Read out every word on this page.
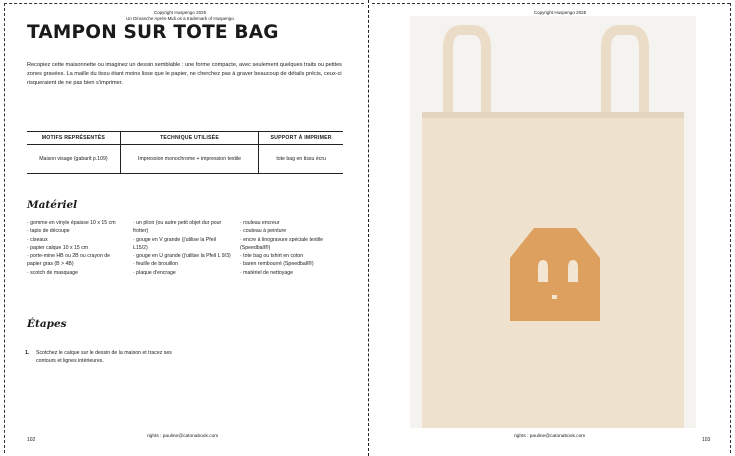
Copyright Huspengo 2025
Un Dimanche Après-Midi os a trademark of Huspengo
TAMPON SUR TOTE BAG
Recopiez cette maisonnette ou imaginez un dessin semblable : une forme compacte, avec seulement quelques traits ou petites zones gravées. La maille du tissu étant moins lisse que le papier, ne cherchez pas à graver beaucoup de détails précis, ceux-ci risqueraient de ne pas bien s'imprimer.
MOTIFS REPRÉSENTÉS	TECHNIQUE UTILISÉE	SUPPORT À IMPRIMER
Maison visage (gabarit p.109)	Impression monochrome + impression textile	tote bag en tissu écru
Matériel
· gomme en vinyle épaisse 10 x 15 cm
· tapis de découpe
· ciseaux
· papier calque 10 x 15 cm
· porte-mine HB ou 2B ou crayon de papier gras (B > 4B)
· scotch de masquage
· un plioir (ou autre petit objet dur pour frotter)
· gouge en V grande (j'utilise la Pfeil L15/2)
· gouge en U grande (j'utilise la Pfeil L 9/3)
· feuille de brouillon
· plaque d'encrage
· rouleau encreur
· couteau à peinture
· encre à linogravure spéciale textile (Speedball®)
· tote bag ou tshirt en coton
· baren rembourré (Speedball®)
· matériel de nettoyage
Étapes
1. Scotchez le calque sur le dessin de la maison et tracez ses contours et lignes intérieures.
rights : pauline@catonabook.com
102
Copyright Huspengo 2025
rights : pauline@catonabook.com
103
